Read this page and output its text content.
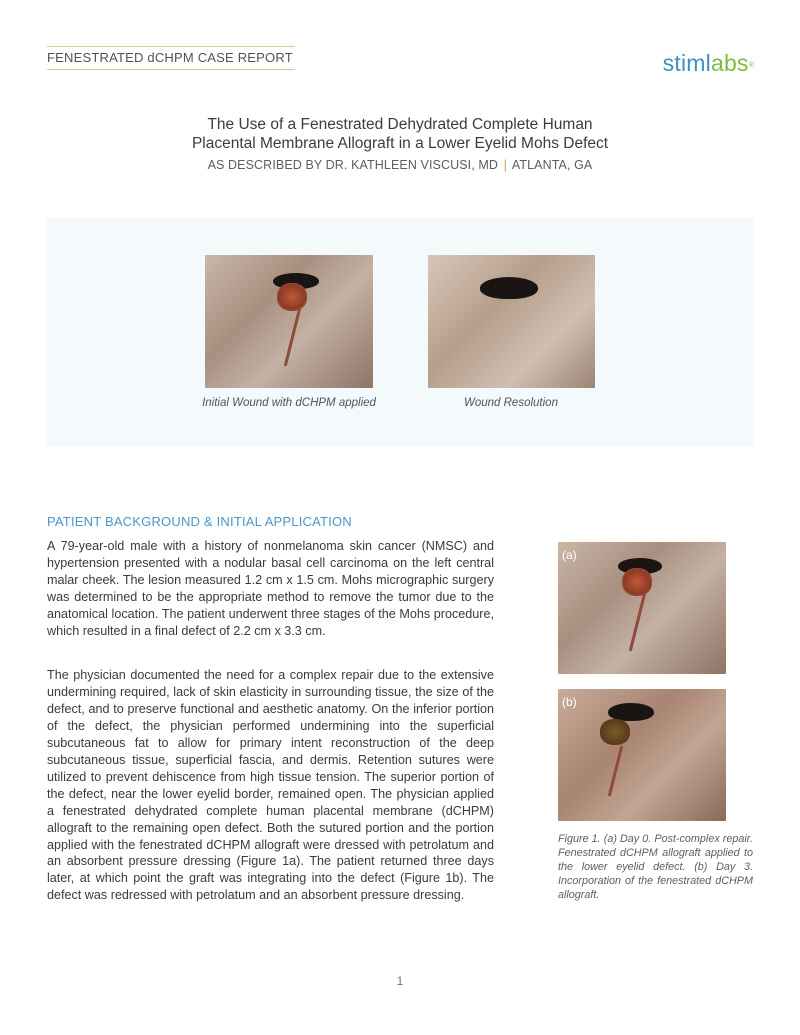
FENESTRATED dCHPM CASE REPORT	stimlabs®
The Use of a Fenestrated Dehydrated Complete Human
Placental Membrane Allograft in a Lower Eyelid Mohs Defect
AS DESCRIBED BY DR. KATHLEEN VISCUSI, MD | ATLANTA, GA
Initial Wound with dCHPM applied	Wound Resolution
PATIENT BACKGROUND & INITIAL APPLICATION
A 79-year-old male with a history of nonmelanoma skin cancer (NMSC) and hypertension presented with a nodular basal cell carcinoma on the left central malar cheek. The lesion measured 1.2 cm x 1.5 cm. Mohs micrographic surgery was determined to be the appropriate method to remove the tumor due to the anatomical location. The patient underwent three stages of the Mohs procedure, which resulted in a final defect of 2.2 cm x 3.3 cm.
The physician documented the need for a complex repair due to the extensive undermining required, lack of skin elasticity in surrounding tissue, the size of the defect, and to preserve functional and aesthetic anatomy. On the inferior portion of the defect, the physician performed undermining into the superficial subcutaneous fat to allow for primary intent reconstruction of the deep subcutaneous tissue, superficial fascia, and dermis. Retention sutures were utilized to prevent dehiscence from high tissue tension. The superior portion of the defect, near the lower eyelid border, remained open. The physician applied a fenestrated dehydrated complete human placental membrane (dCHPM) allograft to the remaining open defect. Both the sutured portion and the portion applied with the fenestrated dCHPM allograft were dressed with petrolatum and an absorbent pressure dressing (Figure 1a). The patient returned three days later, at which point the graft was integrating into the defect (Figure 1b). The defect was redressed with petrolatum and an absorbent pressure dressing.
(a)
(b)
Figure 1. (a) Day 0. Post-complex repair. Fenestrated dCHPM allograft applied to the lower eyelid defect. (b) Day 3. Incorporation of the fenestrated dCHPM allograft.
1
